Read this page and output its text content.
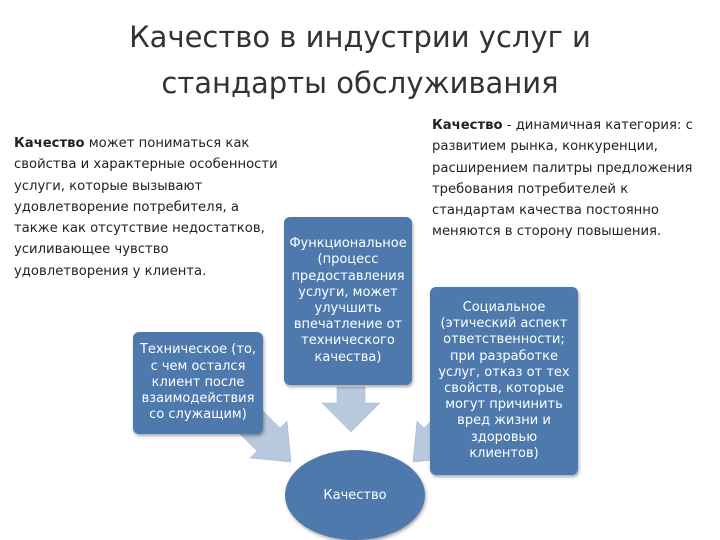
Качество в индустрии услуг и стандарты обслуживания
Качество может пониматься как свойства и характерные особенности услуги, которые вызывают удовлетворение потребителя, а также как отсутствие недостатков, усиливающее чувство удовлетворения у клиента.
Качество - динамичная категория: с развитием рынка, конкуренции, расширением палитры предложения требования потребителей к стандартам качества постоянно меняются в сторону повышения.
Техническое (то, с чем остался клиент после взаимодействия со служащим)
Функциональное (процесс предоставления услуги, может улучшить впечатление от технического качества)
Социальное (этический аспект ответственности; при разработке услуг, отказ от тех свойств, которые могут причинить вред жизни и здоровью клиентов)
Качество
